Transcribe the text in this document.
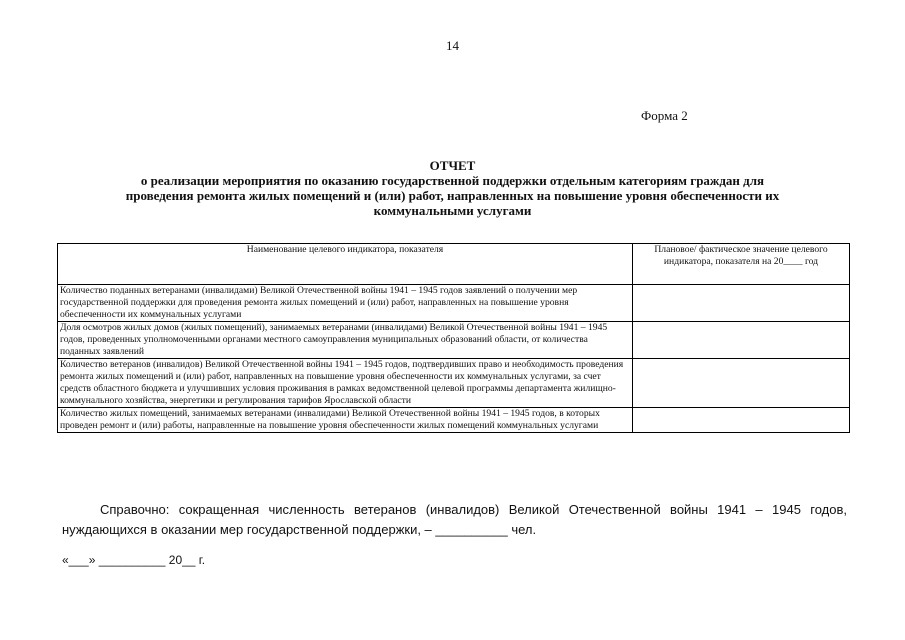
14
Форма 2
ОТЧЕТ
о реализации мероприятия по оказанию государственной поддержки отдельным категориям граждан для
проведения ремонта жилых помещений и (или) работ, направленных на повышение уровня обеспеченности их
коммунальными услугами
Наименование целевого индикатора, показателя	Плановое/ фактическое значение целевого индикатора, показателя на 20____ год
Количество поданных ветеранами (инвалидами) Великой Отечественной войны 1941 – 1945 годов заявлений о получении мер государственной поддержки для проведения ремонта жилых помещений и (или) работ, направленных на повышение уровня обеспеченности их коммунальных услугами	
Доля осмотров жилых домов (жилых помещений), занимаемых ветеранами (инвалидами) Великой Отечественной войны 1941 – 1945 годов, проведенных уполномоченными органами местного самоуправления муниципальных образований области, от количества поданных заявлений	
Количество ветеранов (инвалидов) Великой Отечественной войны 1941 – 1945 годов, подтвердивших право и необходимость проведения ремонта жилых помещений и (или) работ, направленных на повышение уровня обеспеченности их коммунальных услугами, за счет средств областного бюджета и улучшивших условия проживания в рамках ведомственной целевой программы департамента жилищно-коммунального хозяйства, энергетики и регулирования тарифов Ярославской области	
Количество жилых помещений, занимаемых ветеранами (инвалидами) Великой Отечественной войны 1941 – 1945 годов, в которых проведен ремонт и (или) работы, направленные на повышение уровня обеспеченности жилых помещений коммунальных услугами	
Справочно: сокращенная численность ветеранов (инвалидов) Великой Отечественной войны 1941 – 1945 годов, нуждающихся в оказании мер государственной поддержки, – __________ чел.
«___» __________ 20__ г.
